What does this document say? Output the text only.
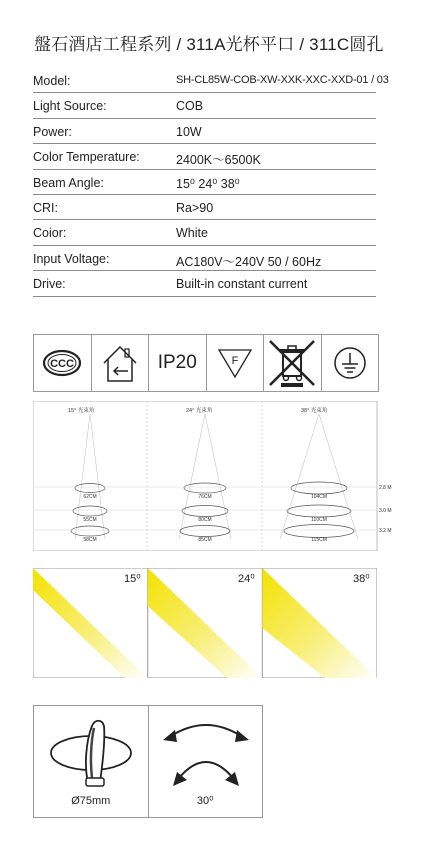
盤石酒店工程系列 / 311A光杯平口 / 311C圆孔
Model:	SH-CL85W-COB-XW-XXK-XXC-XXD-01 / 03
Light Source:	COB
Power:	10W
Color Temperature:	2400K～6500K
Beam Angle:	15⁰ 24⁰ 38⁰
CRI:	Ra>90
Coior:	White
Input Voltage:	AC180V～240V 50 / 60Hz
Drive:	Built-in constant current
CCC	IP20	F
15° 光束角
62CM
55CM
58CM
24° 光束角
76CM
80CM
85CM
38° 光束角
104CM
110CM
115CM
2.8 M
3.0 M
3.2 M
15⁰	24⁰	38⁰
Ø75mm	30⁰
